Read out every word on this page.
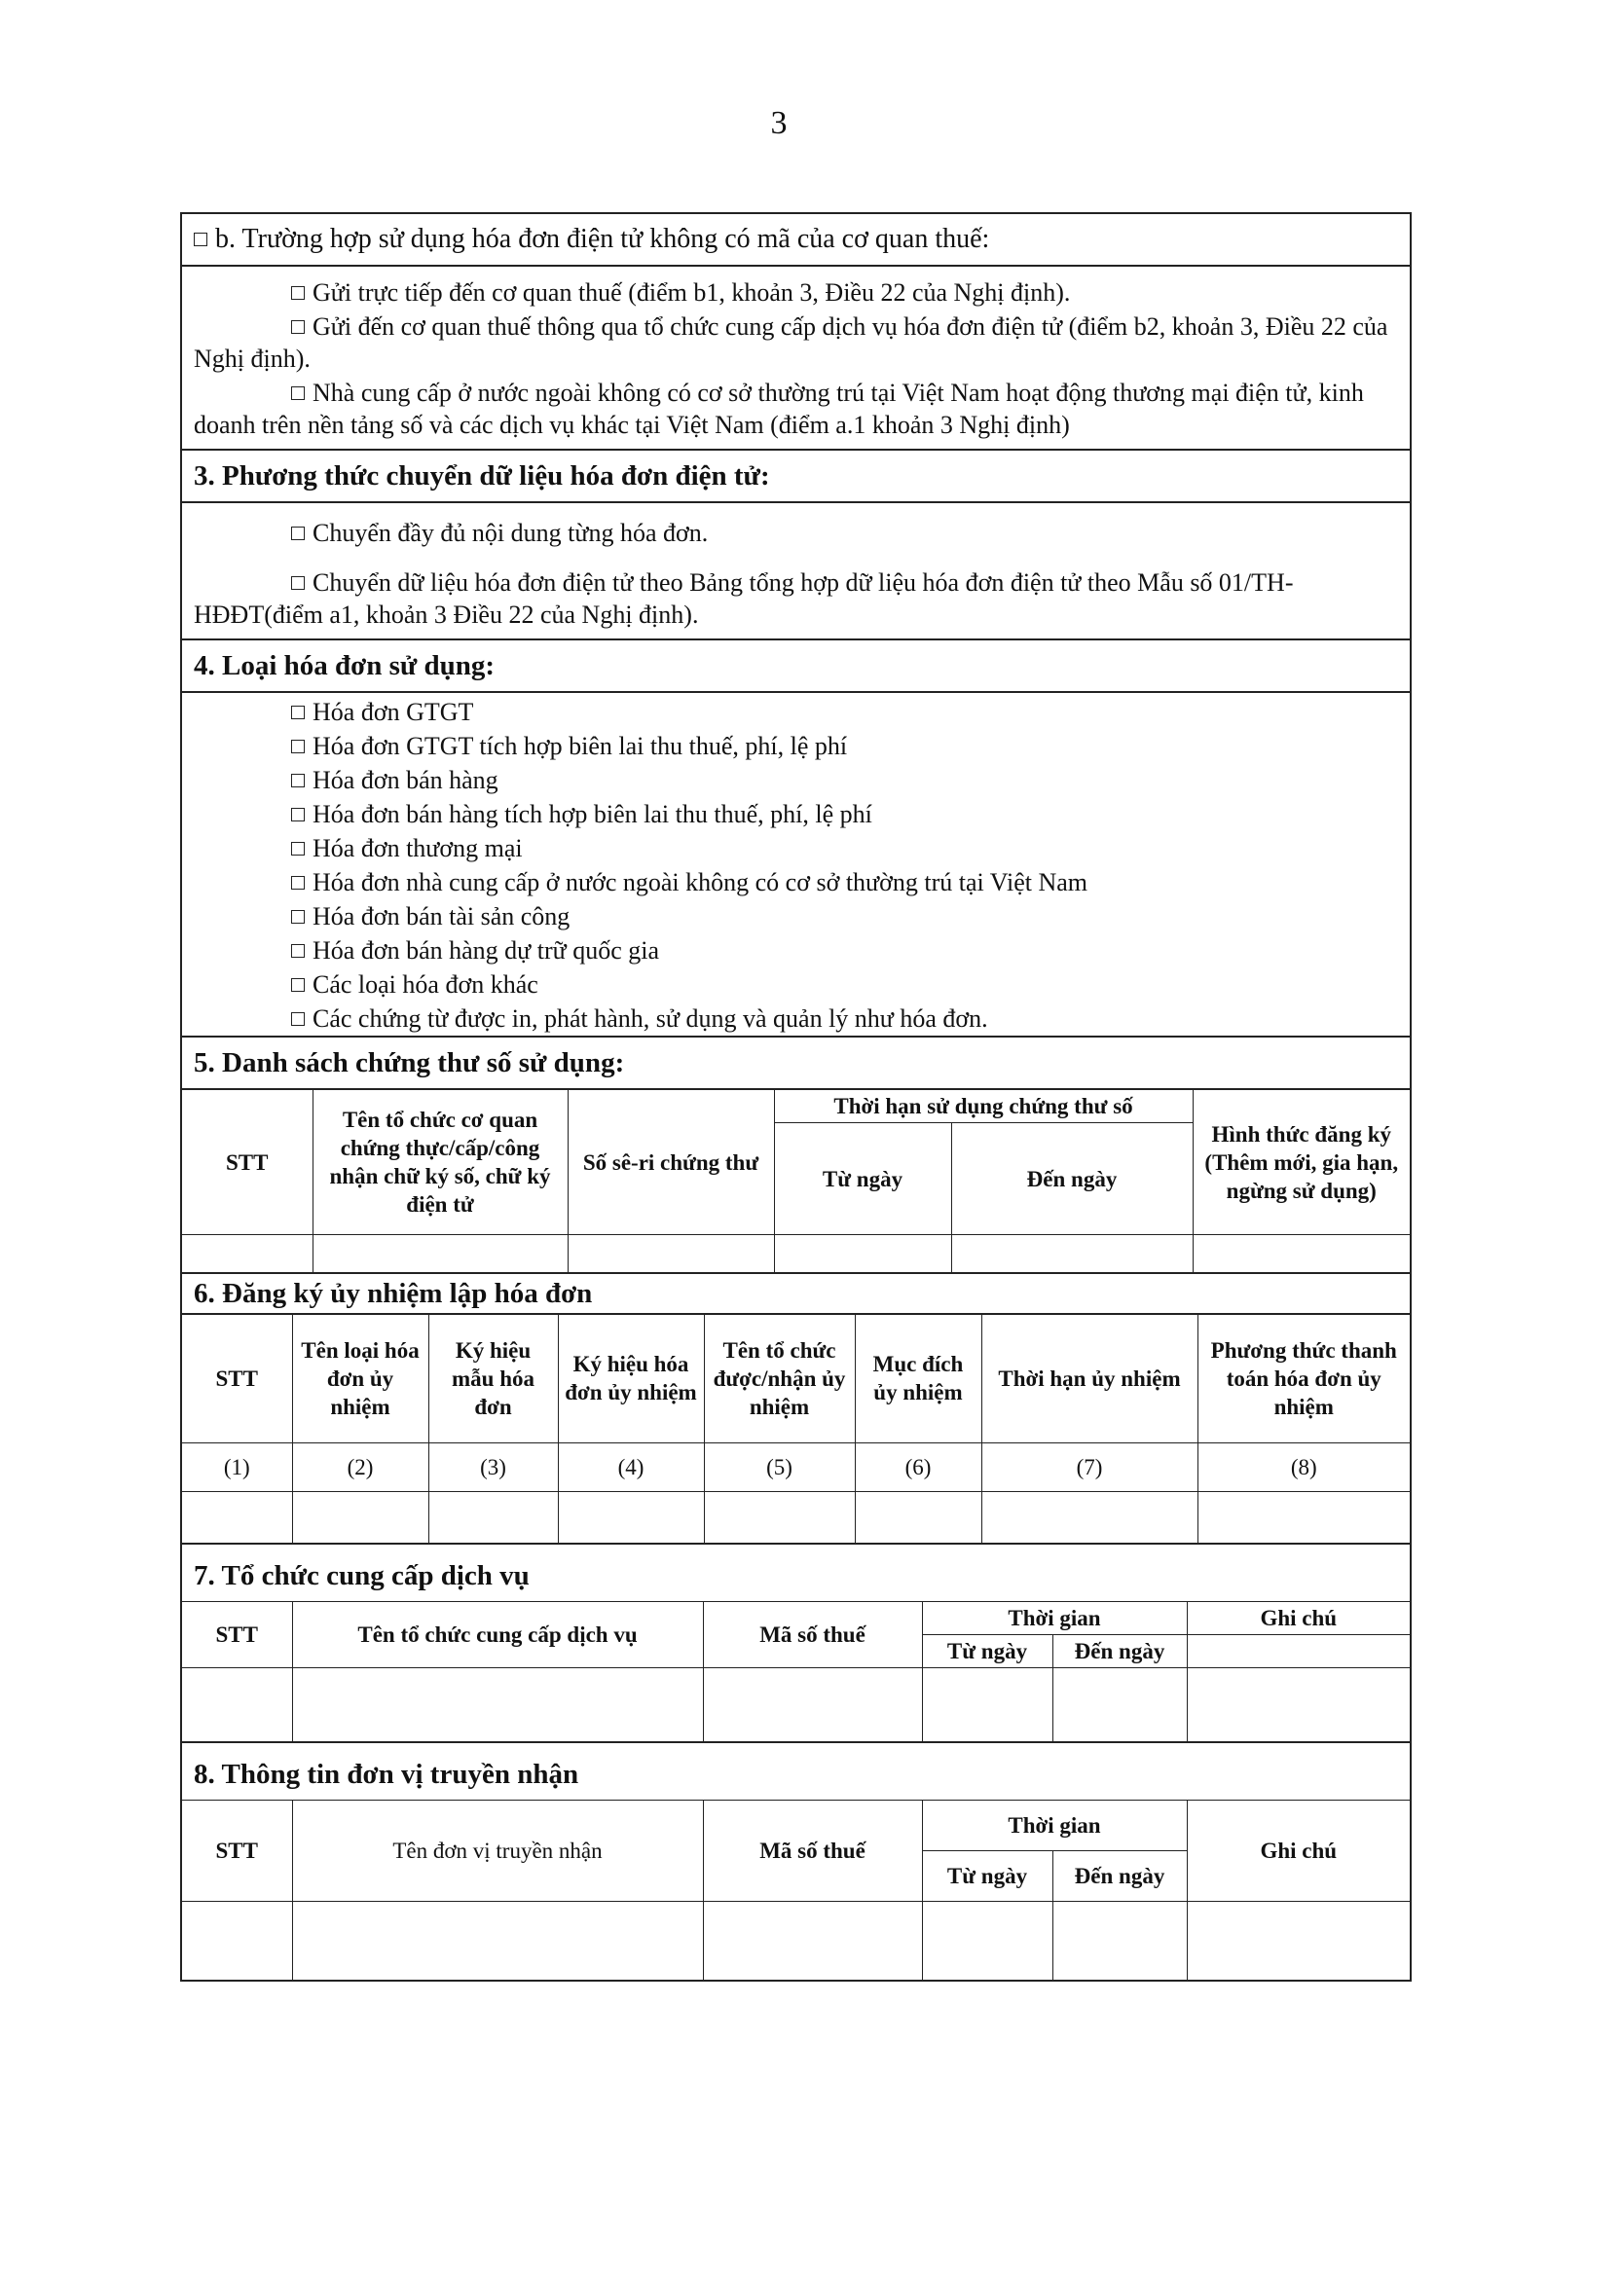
3
b. Trường hợp sử dụng hóa đơn điện tử không có mã của cơ quan thuế:

Gửi trực tiếp đến cơ quan thuế (điểm b1, khoản 3, Điều 22 của Nghị định).

Gửi đến cơ quan thuế thông qua tổ chức cung cấp dịch vụ hóa đơn điện tử (điểm b2, khoản 3, Điều 22 của Nghị định).

Nhà cung cấp ở nước ngoài không có cơ sở thường trú tại Việt Nam hoạt động thương mại điện tử, kinh doanh trên nền tảng số và các dịch vụ khác tại Việt Nam (điểm a.1 khoản 3 Nghị định)

3. Phương thức chuyển dữ liệu hóa đơn điện tử:

Chuyển đầy đủ nội dung từng hóa đơn.

Chuyển dữ liệu hóa đơn điện tử theo Bảng tổng hợp dữ liệu hóa đơn điện tử theo Mẫu số 01/TH-HĐĐT(điểm a1, khoản 3 Điều 22 của Nghị định).

4. Loại hóa đơn sử dụng:
Hóa đơn GTGT
Hóa đơn GTGT tích hợp biên lai thu thuế, phí, lệ phí
Hóa đơn bán hàng
Hóa đơn bán hàng tích hợp biên lai thu thuế, phí, lệ phí
Hóa đơn thương mại
Hóa đơn nhà cung cấp ở nước ngoài không có cơ sở thường trú tại Việt Nam
Hóa đơn bán tài sản công
Hóa đơn bán hàng dự trữ quốc gia
Các loại hóa đơn khác
Các chứng từ được in, phát hành, sử dụng và quản lý như hóa đơn.
5. Danh sách chứng thư số sử dụng:
STT	Tên tổ chức cơ quan chứng thực/cấp/công nhận chữ ký số, chữ ký điện tử	Số sê-ri chứng thư	Thời hạn sử dụng chứng thư số		Hình thức đăng ký (Thêm mới, gia hạn, ngừng sử dụng)
			Từ ngày	Đến ngày	

6. Đăng ký ủy nhiệm lập hóa đơn
STT	Tên loại hóa đơn ủy nhiệm	Ký hiệu mẫu hóa đơn	Ký hiệu hóa đơn ủy nhiệm	Tên tổ chức được/nhận ủy nhiệm	Mục đích ủy nhiệm	Thời hạn ủy nhiệm	Phương thức thanh toán hóa đơn ủy nhiệm
(1)	(2)	(3)	(4)	(5)	(6)	(7)	(8)

7. Tổ chức cung cấp dịch vụ
STT	Tên tổ chức cung cấp dịch vụ	Mã số thuế	Thời gian		Ghi chú
			Từ ngày	Đến ngày	

8. Thông tin đơn vị truyền nhận
STT	Tên đơn vị truyền nhận	Mã số thuế	Thời gian		Ghi chú
			Từ ngày	Đến ngày	
